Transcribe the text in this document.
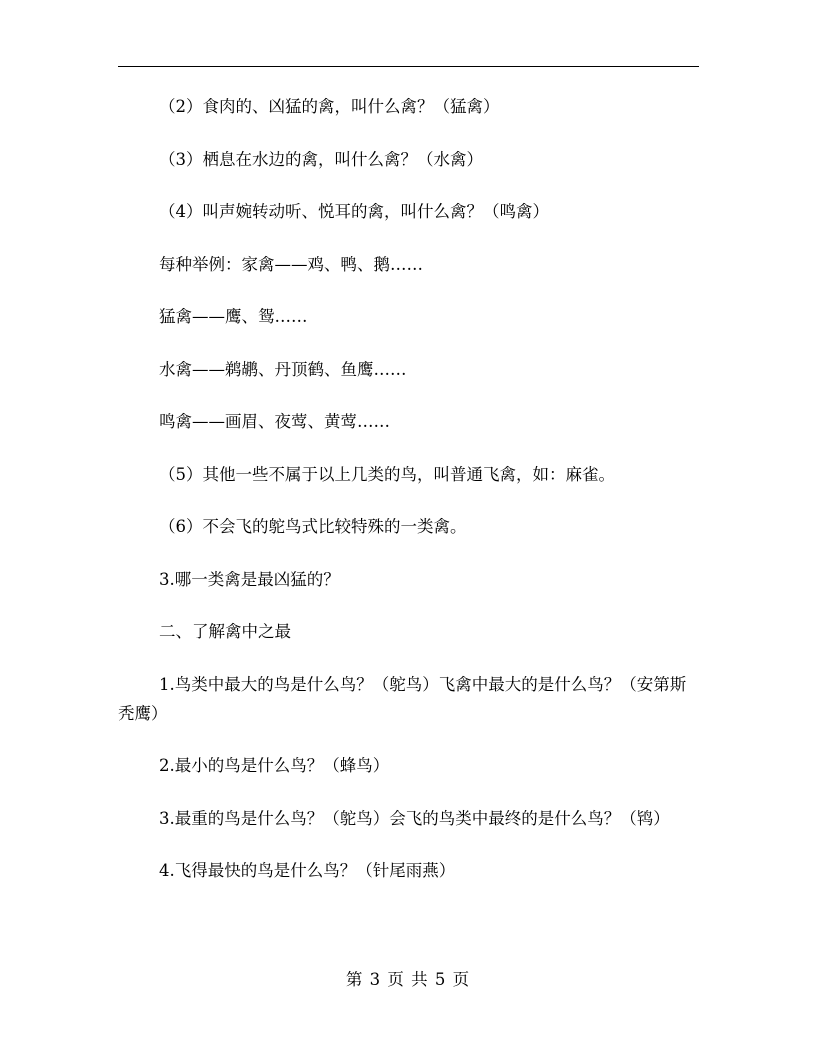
（2）食肉的、凶猛的禽，叫什么禽？（猛禽）

（3）栖息在水边的禽，叫什么禽？（水禽）

（4）叫声婉转动听、悦耳的禽，叫什么禽？（鸣禽）

每种举例：家禽——鸡、鸭、鹅……

猛禽——鹰、鸳……

水禽——鹈鹕、丹顶鹤、鱼鹰……

鸣禽——画眉、夜莺、黄莺……

（5）其他一些不属于以上几类的鸟，叫普通飞禽，如：麻雀。

（6）不会飞的鸵鸟式比较特殊的一类禽。

3.哪一类禽是最凶猛的？

二、了解禽中之最

1.鸟类中最大的鸟是什么鸟？（鸵鸟）飞禽中最大的是什么鸟？（安第斯秃鹰）

2.最小的鸟是什么鸟？（蜂鸟）

3.最重的鸟是什么鸟？（鸵鸟）会飞的鸟类中最终的是什么鸟？（鸨）

4.飞得最快的鸟是什么鸟？（针尾雨燕）

第 3 页 共 5 页
